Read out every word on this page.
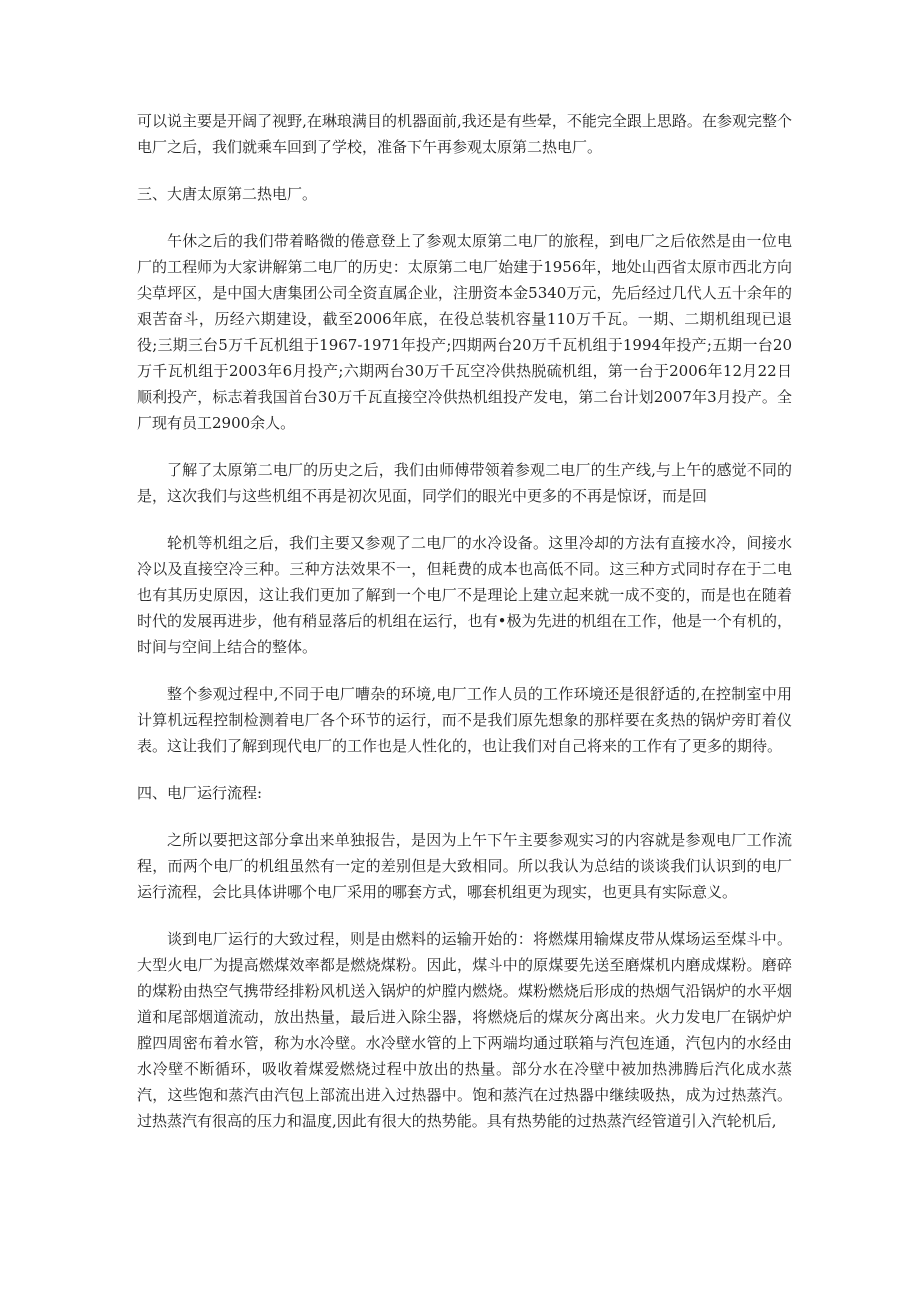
可以说主要是开阔了视野,在琳琅满目的机器面前,我还是有些晕，不能完全跟上思路。在参观完整个电厂之后，我们就乘车回到了学校，准备下午再参观太原第二热电厂。

三、大唐太原第二热电厂。

午休之后的我们带着略微的倦意登上了参观太原第二电厂的旅程，到电厂之后依然是由一位电厂的工程师为大家讲解第二电厂的历史：太原第二电厂始建于1956年，地处山西省太原市西北方向尖草坪区，是中国大唐集团公司全资直属企业，注册资本金5340万元，先后经过几代人五十余年的艰苦奋斗，历经六期建设，截至2006年底，在役总装机容量110万千瓦。一期、二期机组现已退役;三期三台5万千瓦机组于1967-1971年投产;四期两台20万千瓦机组于1994年投产;五期一台20万千瓦机组于2003年6月投产;六期两台30万千瓦空冷供热脱硫机组，第一台于2006年12月22日顺利投产，标志着我国首台30万千瓦直接空冷供热机组投产发电，第二台计划2007年3月投产。全厂现有员工2900余人。

了解了太原第二电厂的历史之后，我们由师傅带领着参观二电厂的生产线,与上午的感觉不同的是，这次我们与这些机组不再是初次见面，同学们的眼光中更多的不再是惊讶，而是回

轮机等机组之后，我们主要又参观了二电厂的水冷设备。这里冷却的方法有直接水冷，间接水冷以及直接空冷三种。三种方法效果不一，但耗费的成本也高低不同。这三种方式同时存在于二电也有其历史原因，这让我们更加了解到一个电厂不是理论上建立起来就一成不变的，而是也在随着时代的发展再进步，他有稍显落后的机组在运行，也有•极为先进的机组在工作，他是一个有机的，时间与空间上结合的整体。

整个参观过程中,不同于电厂嘈杂的环境,电厂工作人员的工作环境还是很舒适的,在控制室中用计算机远程控制检测着电厂各个环节的运行，而不是我们原先想象的那样要在炙热的锅炉旁盯着仪表。这让我们了解到现代电厂的工作也是人性化的，也让我们对自己将来的工作有了更多的期待。

四、电厂运行流程:

之所以要把这部分拿出来单独报告，是因为上午下午主要参观实习的内容就是参观电厂工作流程，而两个电厂的机组虽然有一定的差别但是大致相同。所以我认为总结的谈谈我们认识到的电厂运行流程，会比具体讲哪个电厂采用的哪套方式，哪套机组更为现实，也更具有实际意义。

谈到电厂运行的大致过程，则是由燃料的运输开始的：将燃煤用输煤皮带从煤场运至煤斗中。大型火电厂为提高燃煤效率都是燃烧煤粉。因此，煤斗中的原煤要先送至磨煤机内磨成煤粉。磨碎的煤粉由热空气携带经排粉风机送入锅炉的炉膛内燃烧。煤粉燃烧后形成的热烟气沿锅炉的水平烟道和尾部烟道流动，放出热量，最后进入除尘器，将燃烧后的煤灰分离出来。火力发电厂在锅炉炉膛四周密布着水管，称为水冷壁。水冷壁水管的上下两端均通过联箱与汽包连通，汽包内的水经由水冷壁不断循环，吸收着煤爱燃烧过程中放出的热量。部分水在冷壁中被加热沸腾后汽化成水蒸汽，这些饱和蒸汽由汽包上部流出进入过热器中。饱和蒸汽在过热器中继续吸热，成为过热蒸汽。过热蒸汽有很高的压力和温度,因此有很大的热势能。具有热势能的过热蒸汽经管道引入汽轮机后,
